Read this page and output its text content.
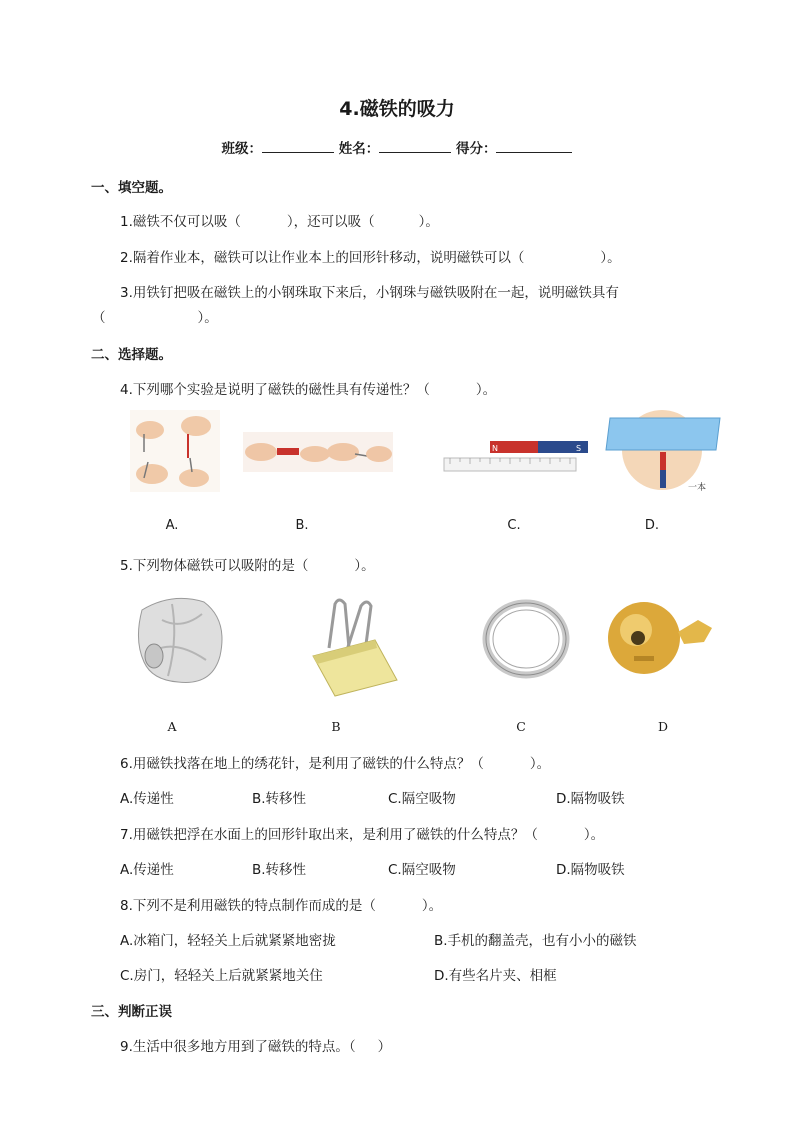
4.磁铁的吸力
班级：	姓名：	得分：
一、填空题。
1.磁铁不仅可以吸（	），还可以吸（	）。
2.隔着作业本，磁铁可以让作业本上的回形针移动，说明磁铁可以（	）。
3.用铁钉把吸在磁铁上的小钢珠取下来后，小钢珠与磁铁吸附在一起，说明磁铁具有
（	）。
二、选择题。
4.下列哪个实验是说明了磁铁的磁性具有传递性？（	）。
N	S
一本
A.	B.	C.	D.
5.下列物体磁铁可以吸附的是（	）。
A	B	C	D
6.用磁铁找落在地上的绣花针，是利用了磁铁的什么特点？（	）。
A.传递性	B.转移性	C.隔空吸物	D.隔物吸铁
7.用磁铁把浮在水面上的回形针取出来，是利用了磁铁的什么特点？（	）。
A.传递性	B.转移性	C.隔空吸物	D.隔物吸铁
8.下列不是利用磁铁的特点制作而成的是（	）。
A.冰箱门，轻轻关上后就紧紧地密拢	B.手机的翻盖壳，也有小小的磁铁
C.房门，轻轻关上后就紧紧地关住	D.有些名片夹、相框
三、判断正误
9.生活中很多地方用到了磁铁的特点。（ ）
